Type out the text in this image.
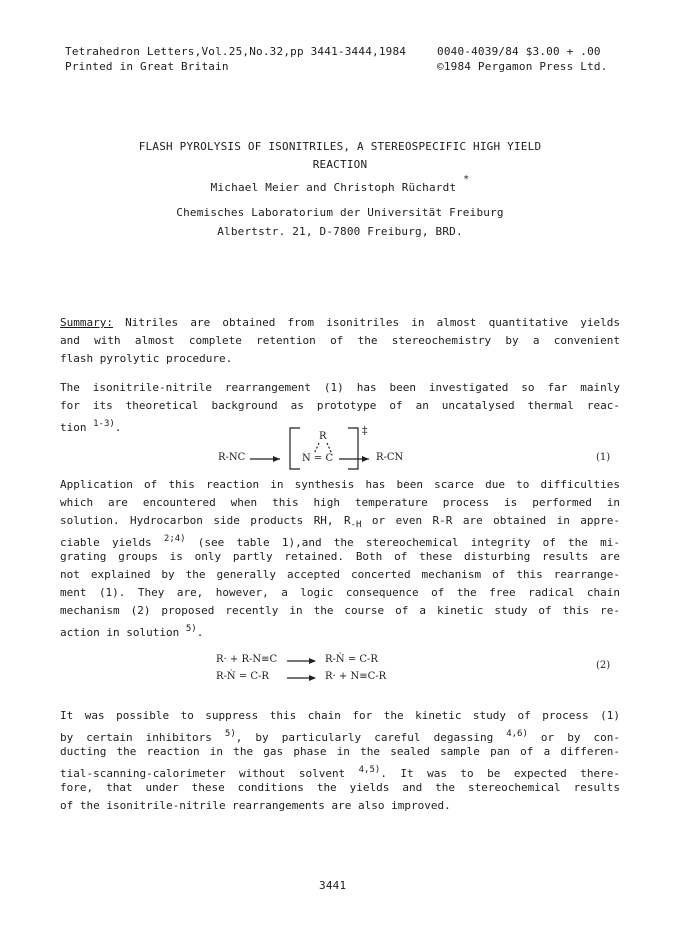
Tetrahedron Letters,Vol.25,No.32,pp 3441-3444,1984	0040-4039/84 $3.00 + .00
Printed in Great Britain	©1984 Pergamon Press Ltd.
FLASH PYROLYSIS OF ISONITRILES, A STEREOSPECIFIC HIGH YIELD
REACTION
Michael Meier and Christoph Rüchardt *
Chemisches Laboratorium der Universität Freiburg
Albertstr. 21, D-7800 Freiburg, BRD.
Summary: Nitriles are obtained from isonitriles in almost quantitative yields
and with almost complete retention of the stereochemistry by a convenient
flash pyrolytic procedure.
The isonitrile-nitrile rearrangement (1) has been investigated so far mainly
for its theoretical background as prototype of an uncatalysed thermal reac-
tion $^{1-3)}$.
R-NC
R
N = C
‡
R-CN	(1)
Application of this reaction in synthesis has been scarce due to difficulties
which are encountered when this high temperature process is performed in
solution. Hydrocarbon side products RH, $R_{-H}$ or even R-R are obtained in appre-
ciable yields $^{2;4)}$ (see table 1),and the stereochemical integrity of the mi-
grating groups is only partly retained. Both of these disturbing results are
not explained by the generally accepted concerted mechanism of this rearrange-
ment (1). They are, however, a logic consequence of the free radical chain
mechanism (2) proposed recently in the course of a kinetic study of this re-
action in solution $^{5)}$.
R· + R-N≡C	R-Ṅ = C-R
R-Ṅ = C-R	R· + N≡C-R
(2)
It was possible to suppress this chain for the kinetic study of process (1)
by certain inhibitors $^{5)}$, by particularly careful degassing $^{4,6)}$ or by con-
ducting the reaction in the gas phase in the sealed sample pan of a differen-
tial-scanning-calorimeter without solvent $^{4,5)}$. It was to be expected there-
fore, that under these conditions the yields and the stereochemical results
of the isonitrile-nitrile rearrangements are also improved.
3441
